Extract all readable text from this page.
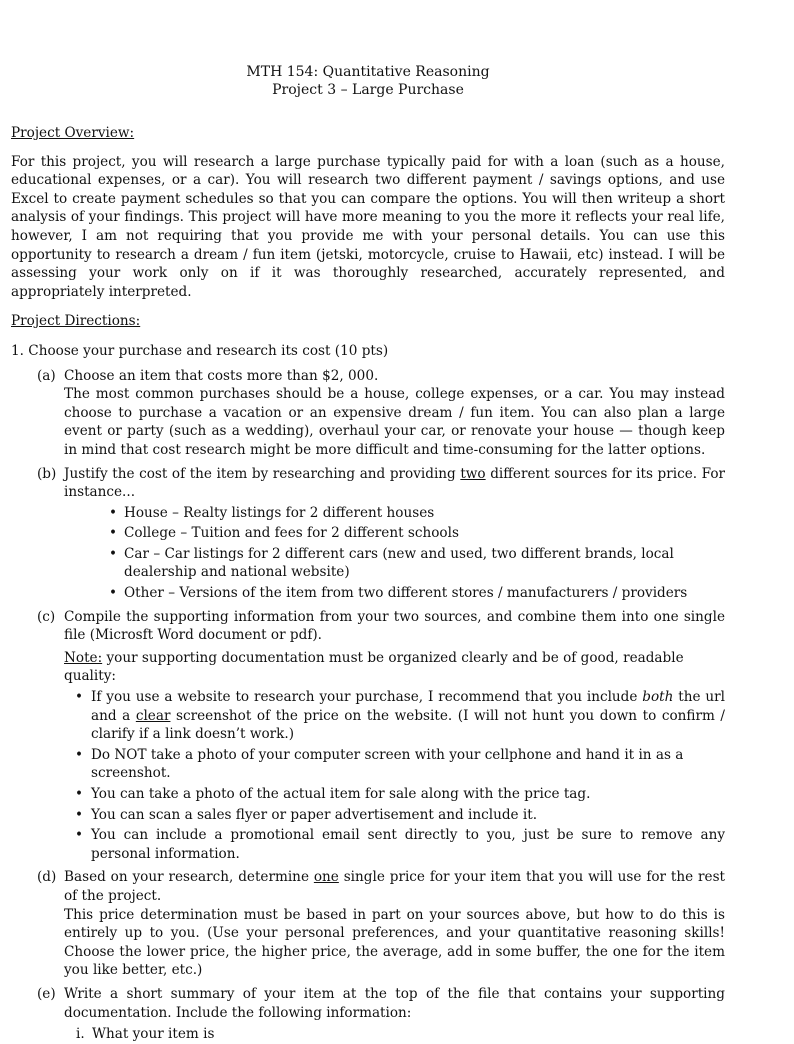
MTH 154: Quantitative Reasoning
Project 3 – Large Purchase

Project Overview:

For this project, you will research a large purchase typically paid for with a loan (such as a house, educational expenses, or a car). You will research two different payment / savings options, and use Excel to create payment schedules so that you can compare the options. You will then writeup a short analysis of your findings. This project will have more meaning to you the more it reflects your real life, however, I am not requiring that you provide me with your personal details. You can use this opportunity to research a dream / fun item (jetski, motorcycle, cruise to Hawaii, etc) instead. I will be assessing your work only on if it was thoroughly researched, accurately represented, and appropriately interpreted.

Project Directions:

1. Choose your purchase and research its cost (10 pts)

(a) Choose an item that costs more than $2, 000.

The most common purchases should be a house, college expenses, or a car. You may instead choose to purchase a vacation or an expensive dream / fun item. You can also plan a large event or party (such as a wedding), overhaul your car, or renovate your house — though keep in mind that cost research might be more difficult and time-consuming for the latter options.

(b) Justify the cost of the item by researching and providing two different sources for its price. For instance...

• House – Realty listings for 2 different houses
• College – Tuition and fees for 2 different schools
• Car – Car listings for 2 different cars (new and used, two different brands, local dealership and national website)
• Other – Versions of the item from two different stores / manufacturers / providers
(c) Compile the supporting information from your two sources, and combine them into one single file (Microsft Word document or pdf).

Note: your supporting documentation must be organized clearly and be of good, readable quality:

• If you use a website to research your purchase, I recommend that you include both the url and a clear screenshot of the price on the website. (I will not hunt you down to confirm / clarify if a link doesn’t work.)
• Do NOT take a photo of your computer screen with your cellphone and hand it in as a screenshot.
• You can take a photo of the actual item for sale along with the price tag.
• You can scan a sales flyer or paper advertisement and include it.
• You can include a promotional email sent directly to you, just be sure to remove any personal information.
(d) Based on your research, determine one single price for your item that you will use for the rest of the project.

This price determination must be based in part on your sources above, but how to do this is entirely up to you. (Use your personal preferences, and your quantitative reasoning skills! Choose the lower price, the higher price, the average, add in some buffer, the one for the item you like better, etc.)

(e) Write a short summary of your item at the top of the file that contains your supporting documentation. Include the following information:

i. What your item is
